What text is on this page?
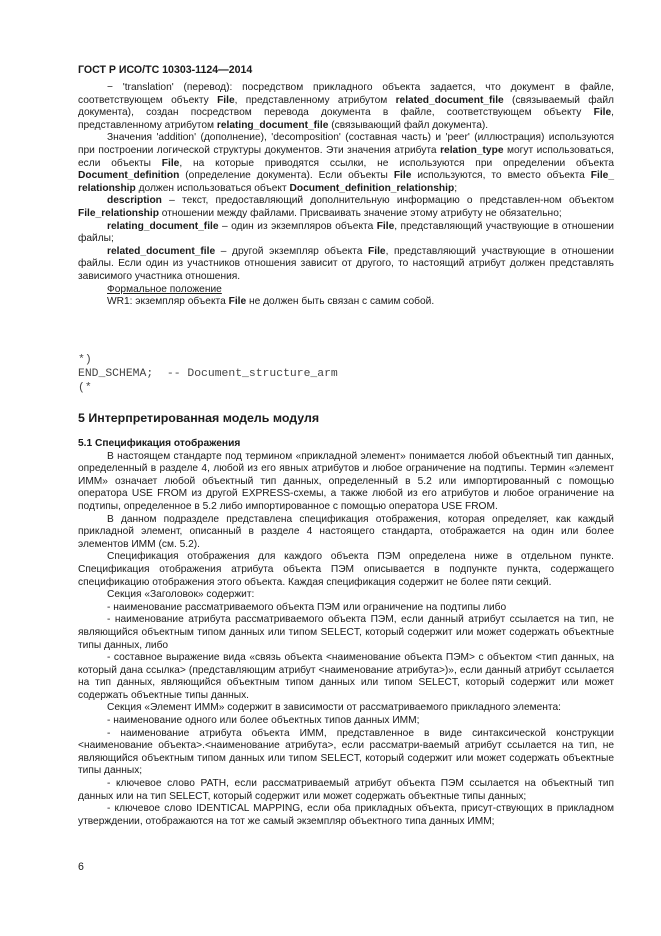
ГОСТ Р ИСО/ТС 10303-1124—2014

− 'translation' (перевод): посредством прикладного объекта задается, что документ в файле, соответствующем объекту File, представленному атрибутом related_document_file (связываемый файл документа), создан посредством перевода документа в файле, соответствующем объекту File, представленному атрибутом relating_document_file (связывающий файл документа).

Значения 'addition' (дополнение), 'decomposition' (составная часть) и 'peer' (иллюстрация) используются при построении логической структуры документов. Эти значения атрибута relation_type могут использоваться, если объекты File, на которые приводятся ссылки, не используются при определении объекта Document_definition (определение документа). Если объекты File используются, то вместо объекта File_ relationship должен использоваться объект Document_definition_relationship;

description – текст, предоставляющий дополнительную информацию о представлен-ном объектом File_relationship отношении между файлами. Присваивать значение этому атрибуту не обязательно;

relating_document_file – один из экземпляров объекта File, представляющий участвующие в отношении файлы;

related_document_file – другой экземпляр объекта File, представляющий участвующие в отношении файлы. Если один из участников отношения зависит от другого, то настоящий атрибут должен представлять зависимого участника отношения.

Формальное положение

WR1: экземпляр объекта File не должен быть связан с самим собой.

*)
END_SCHEMA;  -- Document_structure_arm
(*
5 Интерпретированная модель модуля
5.1 Спецификация отображения

В настоящем стандарте под термином «прикладной элемент» понимается любой объектный тип данных, определенный в разделе 4, любой из его явных атрибутов и любое ограничение на подтипы. Термин «элемент ИММ» означает любой объектный тип данных, определенный в 5.2 или импортированный с помощью оператора USE FROM из другой EXPRESS-схемы, а также любой из его атрибутов и любое ограничение на подтипы, определенное в 5.2 либо импортированное с помощью оператора USE FROM.

В данном подразделе представлена спецификация отображения, которая определяет, как каждый прикладной элемент, описанный в разделе 4 настоящего стандарта, отображается на один или более элементов ИММ (см. 5.2).

Спецификация отображения для каждого объекта ПЭМ определена ниже в отдельном пункте. Спецификация отображения атрибута объекта ПЭМ описывается в подпункте пункта, содержащего спецификацию отображения этого объекта. Каждая спецификация содержит не более пяти секций.

Секция «Заголовок» содержит:

- наименование рассматриваемого объекта ПЭМ или ограничение на подтипы либо

- наименование атрибута рассматриваемого объекта ПЭМ, если данный атрибут ссылается на тип, не являющийся объектным типом данных или типом SELECT, который содержит или может содержать объектные типы данных, либо

- составное выражение вида «связь объекта <наименование объекта ПЭМ> с объектом <тип данных, на который дана ссылка> (представляющим атрибут <наименование атрибута>)», если данный атрибут ссылается на тип данных, являющийся объектным типом данных или типом SELECT, который содержит или может содержать объектные типы данных.

Секция «Элемент ИММ» содержит в зависимости от рассматриваемого прикладного элемента:

- наименование одного или более объектных типов данных ИММ;

- наименование атрибута объекта ИММ, представленное в виде синтаксической конструкции <наименование объекта>.<наименование атрибута>, если рассматри-ваемый атрибут ссылается на тип, не являющийся объектным типом данных или типом SELECT, который содержит или может содержать объектные типы данных;

- ключевое слово PATH, если рассматриваемый атрибут объекта ПЭМ ссылается на объектный тип данных или на тип SELECT, который содержит или может содержать объектные типы данных;

- ключевое слово IDENTICAL MAPPING, если оба прикладных объекта, присут-ствующих в прикладном утверждении, отображаются на тот же самый экземпляр объектного типа данных ИММ;

6
